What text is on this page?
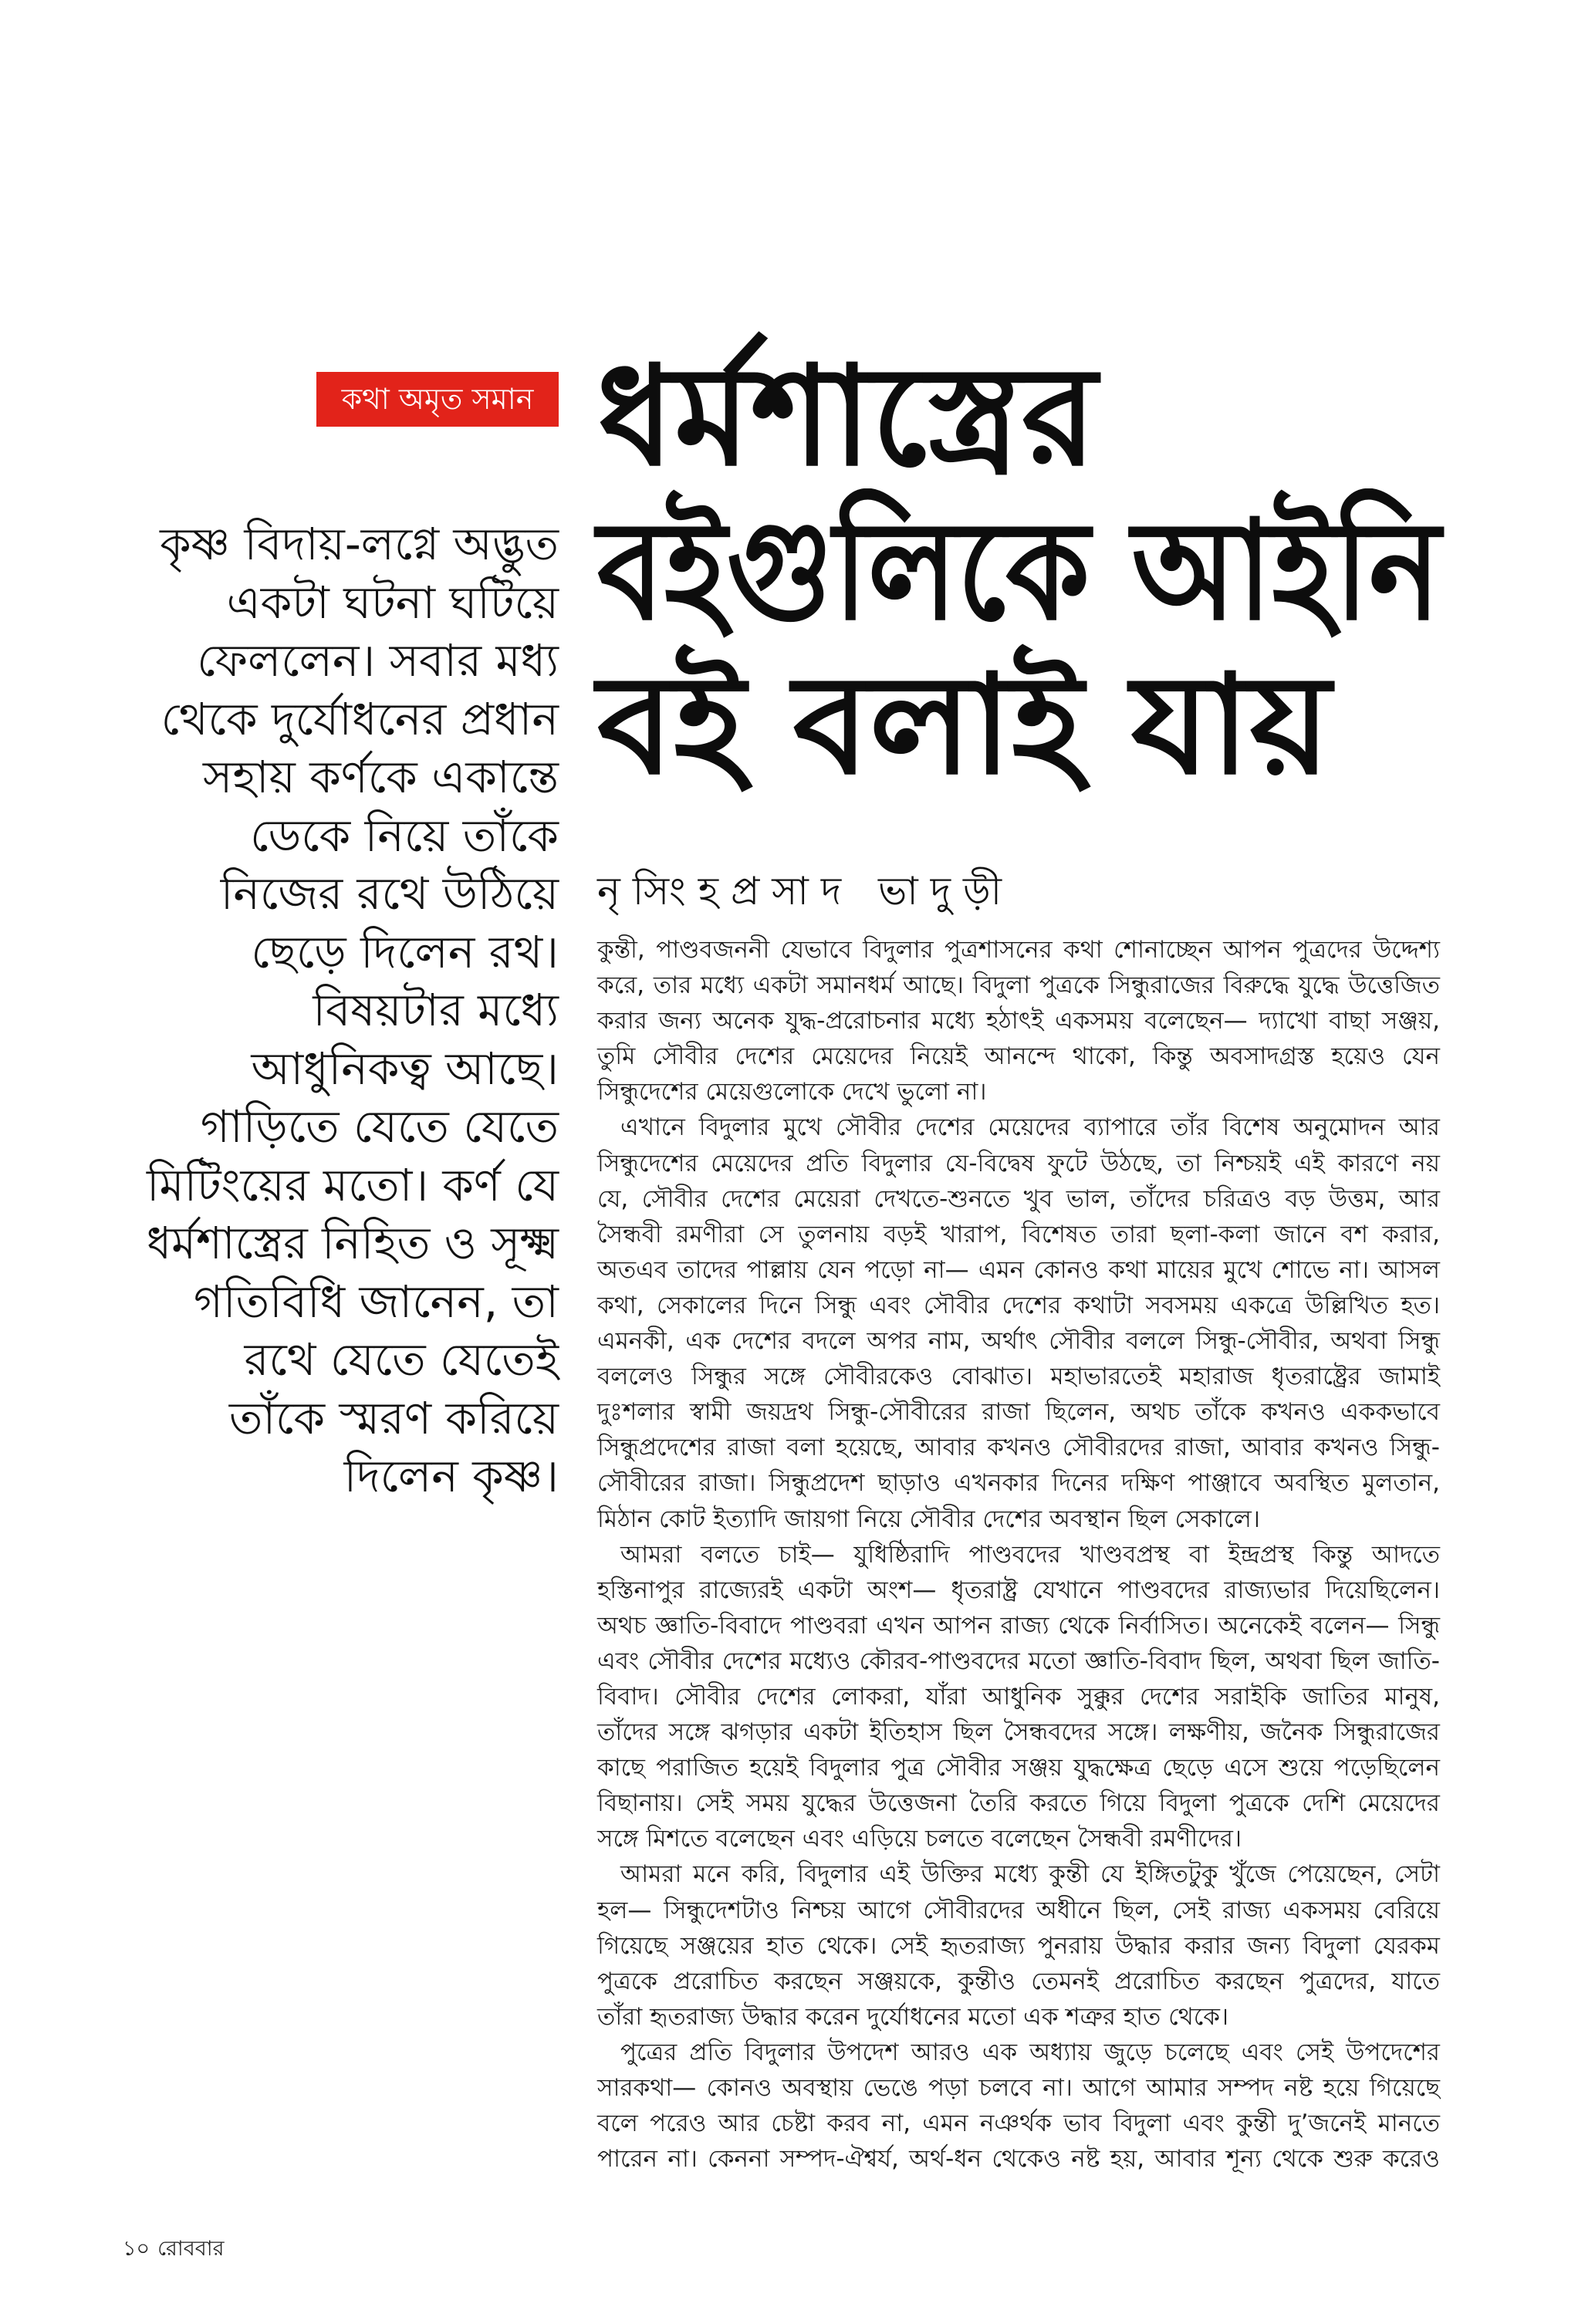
কথা অমৃত সমান ধর্মশাস্ত্রের
বইগুলিকে আইনি
বই বলাই যায়
নৃসিংহপ্রসাদ ভাদুড়ী
কৃষ্ণ বিদায়-লগ্নে অদ্ভুত
একটা ঘটনা ঘটিয়ে
ফেললেন। সবার মধ্য
থেকে দুর্যোধনের প্রধান
সহায় কর্ণকে একান্তে
ডেকে নিয়ে তাঁকে
নিজের রথে উঠিয়ে
ছেড়ে দিলেন রথ।
বিষয়টার মধ্যে
আধুনিকত্ব আছে।
গাড়িতে যেতে যেতে
মিটিংয়ের মতো। কর্ণ যে
ধর্মশাস্ত্রের নিহিত ও সূক্ষ্ম
গতিবিধি জানেন, তা
রথে যেতে যেতেই
তাঁকে স্মরণ করিয়ে
দিলেন কৃষ্ণ।
কুন্তী, পাণ্ডবজননী যেভাবে বিদুলার পুত্রশাসনের কথা শোনাচ্ছেন আপন পুত্রদের উদ্দেশ্য
করে, তার মধ্যে একটা সমানধর্ম আছে। বিদুলা পুত্রকে সিন্ধুরাজের বিরুদ্ধে যুদ্ধে উত্তেজিত
করার জন্য অনেক যুদ্ধ-প্ররোচনার মধ্যে হঠাৎই একসময় বলেছেন— দ্যাখো বাছা সঞ্জয়,
তুমি সৌবীর দেশের মেয়েদের নিয়েই আনন্দে থাকো, কিন্তু অবসাদগ্রস্ত হয়েও যেন
সিন্ধুদেশের মেয়েগুলোকে দেখে ভুলো না।
এখানে বিদুলার মুখে সৌবীর দেশের মেয়েদের ব্যাপারে তাঁর বিশেষ অনুমোদন আর
সিন্ধুদেশের মেয়েদের প্রতি বিদুলার যে-বিদ্বেষ ফুটে উঠছে, তা নিশ্চয়ই এই কারণে নয়
যে, সৌবীর দেশের মেয়েরা দেখতে-শুনতে খুব ভাল, তাঁদের চরিত্রও বড় উত্তম, আর
সৈন্ধবী রমণীরা সে তুলনায় বড়ই খারাপ, বিশেষত তারা ছলা-কলা জানে বশ করার,
অতএব তাদের পাল্লায় যেন পড়ো না— এমন কোনও কথা মায়ের মুখে শোভে না। আসল
কথা, সেকালের দিনে সিন্ধু এবং সৌবীর দেশের কথাটা সবসময় একত্রে উল্লিখিত হত।
এমনকী, এক দেশের বদলে অপর নাম, অর্থাৎ সৌবীর বললে সিন্ধু-সৌবীর, অথবা সিন্ধু
বললেও সিন্ধুর সঙ্গে সৌবীরকেও বোঝাত। মহাভারতেই মহারাজ ধৃতরাষ্ট্রের জামাই
দুঃশলার স্বামী জয়দ্রথ সিন্ধু-সৌবীরের রাজা ছিলেন, অথচ তাঁকে কখনও এককভাবে
সিন্ধুপ্রদেশের রাজা বলা হয়েছে, আবার কখনও সৌবীরদের রাজা, আবার কখনও সিন্ধু-
সৌবীরের রাজা। সিন্ধুপ্রদেশ ছাড়াও এখনকার দিনের দক্ষিণ পাঞ্জাবে অবস্থিত মুলতান,
মিঠান কোট ইত্যাদি জায়গা নিয়ে সৌবীর দেশের অবস্থান ছিল সেকালে।
আমরা বলতে চাই— যুধিষ্ঠিরাদি পাণ্ডবদের খাণ্ডবপ্রস্থ বা ইন্দ্রপ্রস্থ কিন্তু আদতে
হস্তিনাপুর রাজ্যেরই একটা অংশ— ধৃতরাষ্ট্র যেখানে পাণ্ডবদের রাজ্যভার দিয়েছিলেন।
অথচ জ্ঞাতি-বিবাদে পাণ্ডবরা এখন আপন রাজ্য থেকে নির্বাসিত। অনেকেই বলেন— সিন্ধু
এবং সৌবীর দেশের মধ্যেও কৌরব-পাণ্ডবদের মতো জ্ঞাতি-বিবাদ ছিল, অথবা ছিল জাতি-
বিবাদ। সৌবীর দেশের লোকরা, যাঁরা আধুনিক সুক্কুর দেশের সরাইকি জাতির মানুষ,
তাঁদের সঙ্গে ঝগড়ার একটা ইতিহাস ছিল সৈন্ধবদের সঙ্গে। লক্ষণীয়, জনৈক সিন্ধুরাজের
কাছে পরাজিত হয়েই বিদুলার পুত্র সৌবীর সঞ্জয় যুদ্ধক্ষেত্র ছেড়ে এসে শুয়ে পড়েছিলেন
বিছানায়। সেই সময় যুদ্ধের উত্তেজনা তৈরি করতে গিয়ে বিদুলা পুত্রকে দেশি মেয়েদের
সঙ্গে মিশতে বলেছেন এবং এড়িয়ে চলতে বলেছেন সৈন্ধবী রমণীদের।
আমরা মনে করি, বিদুলার এই উক্তির মধ্যে কুন্তী যে ইঙ্গিতটুকু খুঁজে পেয়েছেন, সেটা
হল— সিন্ধুদেশটাও নিশ্চয় আগে সৌবীরদের অধীনে ছিল, সেই রাজ্য একসময় বেরিয়ে
গিয়েছে সঞ্জয়ের হাত থেকে। সেই হৃতরাজ্য পুনরায় উদ্ধার করার জন্য বিদুলা যেরকম
পুত্রকে প্ররোচিত করছেন সঞ্জয়কে, কুন্তীও তেমনই প্ররোচিত করছেন পুত্রদের, যাতে
তাঁরা হৃতরাজ্য উদ্ধার করেন দুর্যোধনের মতো এক শত্রুর হাত থেকে।
পুত্রের প্রতি বিদুলার উপদেশ আরও এক অধ্যায় জুড়ে চলেছে এবং সেই উপদেশের
সারকথা— কোনও অবস্থায় ভেঙে পড়া চলবে না। আগে আমার সম্পদ নষ্ট হয়ে গিয়েছে
বলে পরেও আর চেষ্টা করব না, এমন নঞর্থক ভাব বিদুলা এবং কুন্তী দু’জনেই মানতে
পারেন না। কেননা সম্পদ-ঐশ্বর্য, অর্থ-ধন থেকেও নষ্ট হয়, আবার শূন্য থেকে শুরু করেও
১০ রোববার
